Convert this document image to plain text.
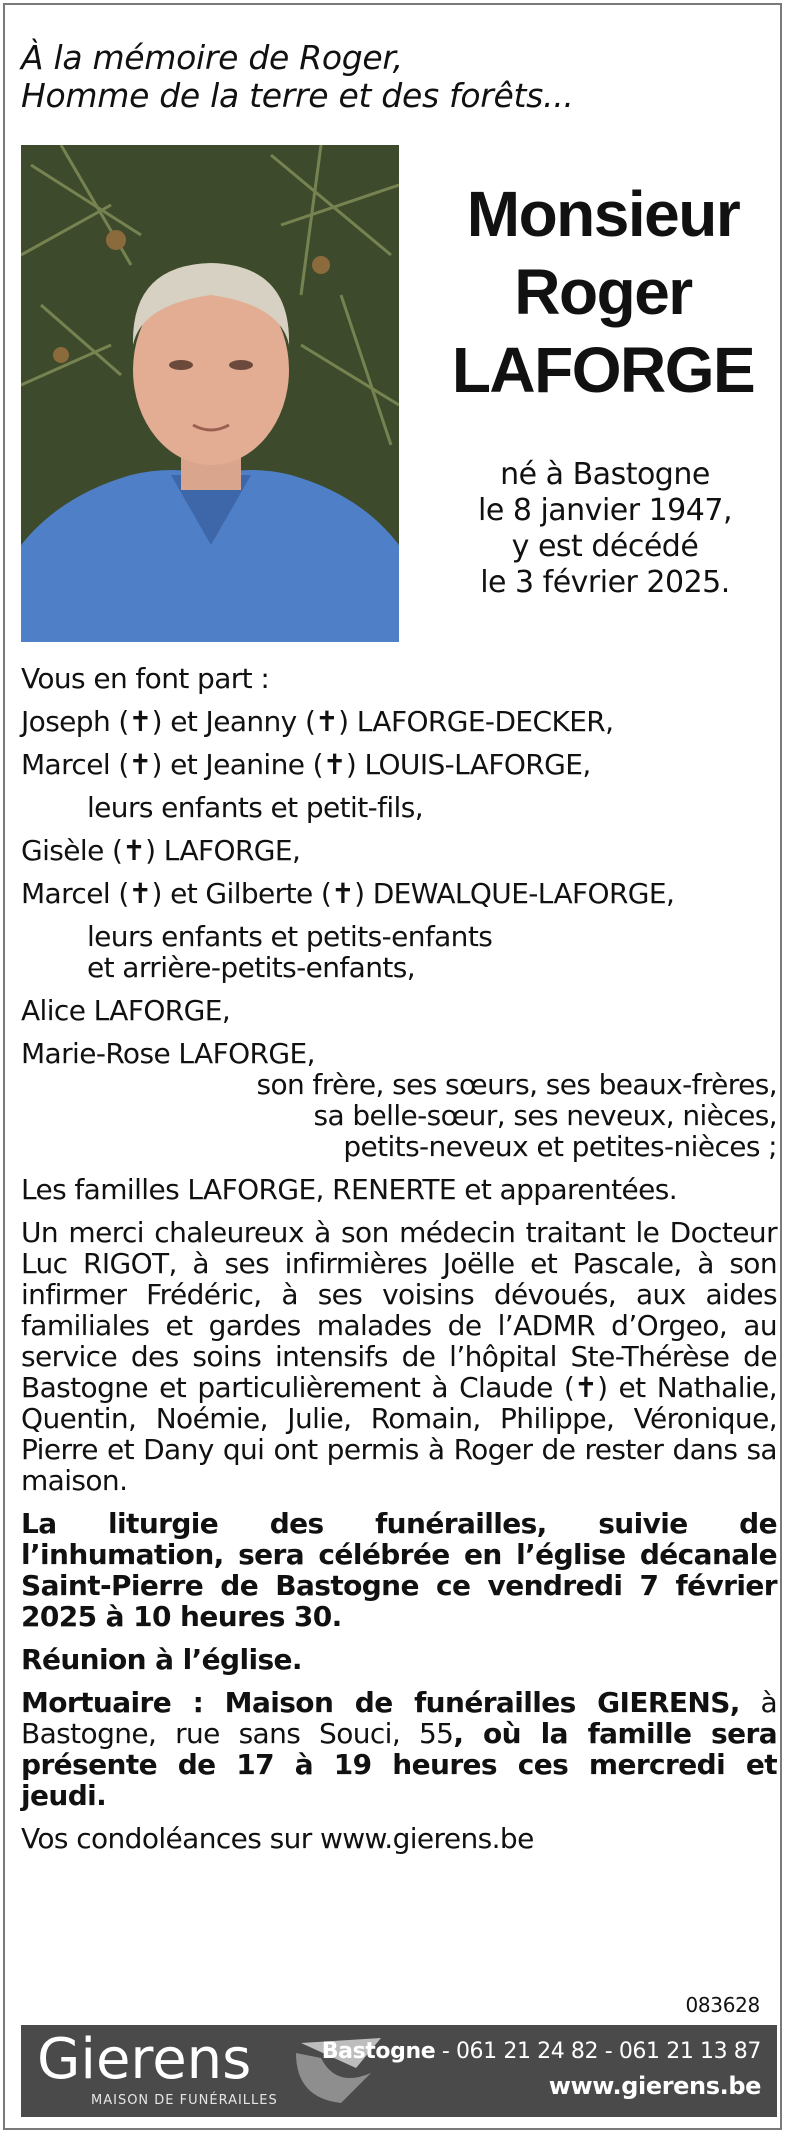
À la mémoire de Roger,
Homme de la terre et des forêts...
Monsieur
Roger
LAFORGE
né à Bastogne
le 8 janvier 1947,
y est décédé
le 3 février 2025.

Vous en font part :

Joseph (✝) et Jeanny (✝) LAFORGE-DECKER,

Marcel (✝) et Jeanine (✝) LOUIS-LAFORGE,

leurs enfants et petit-fils,

Gisèle (✝) LAFORGE,

Marcel (✝) et Gilberte (✝) DEWALQUE-LAFORGE,

leurs enfants et petits-enfants

et arrière-petits-enfants,

Alice LAFORGE,

Marie-Rose LAFORGE,

son frère, ses sœurs, ses beaux-frères,

sa belle-sœur, ses neveux, nièces,

petits-neveux et petites-nièces ;

Les familles LAFORGE, RENERTE et apparentées.

Un merci chaleureux à son médecin traitant le Docteur Luc RIGOT, à ses infirmières Joëlle et Pascale, à son infirmer Frédéric, à ses voisins dévoués, aux aides familiales et gardes malades de l’ADMR d’Orgeo, au service des soins intensifs de l’hôpital Ste-Thérèse de Bastogne et particulièrement à Claude (✝) et Nathalie, Quentin, Noémie, Julie, Romain, Philippe, Véronique, Pierre et Dany qui ont permis à Roger de rester dans sa maison.

La liturgie des funérailles, suivie de l’inhumation, sera célébrée en l’église décanale Saint-Pierre de Bastogne ce vendredi 7 février 2025 à 10 heures 30.

Réunion à l’église.

Mortuaire : Maison de funérailles GIERENS, à Bastogne, rue sans Souci, 55, où la famille sera présente de 17 à 19 heures ces mercredi et jeudi.

Vos condoléances sur www.gierens.be

083628
Gierens
MAISON DE FUNÉRAILLES
Bastogne - 061 21 24 82 - 061 21 13 87
www.gierens.be
